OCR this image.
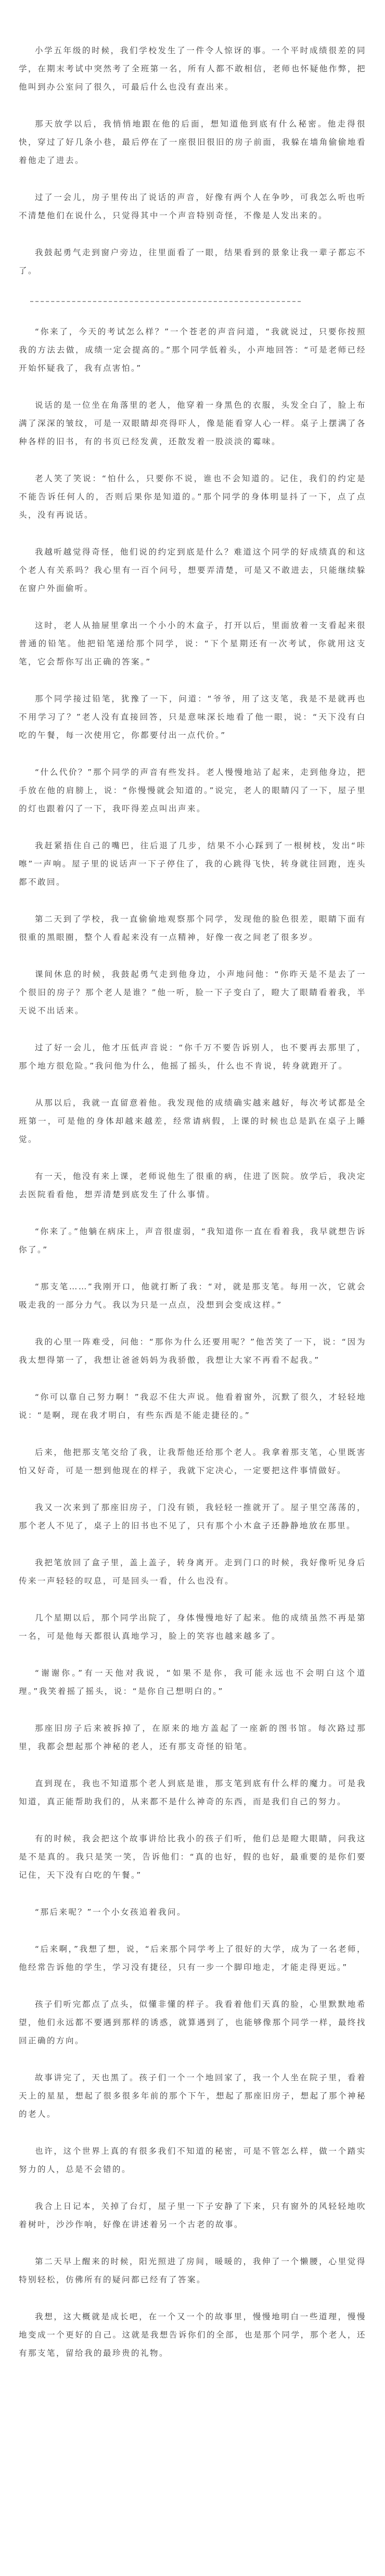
小学五年级的时候，我们学校发生了一件令人惊讶的事。一个平时成绩很差的同学，在期末考试中突然考了全班第一名，所有人都不敢相信，老师也怀疑他作弊，把他叫到办公室问了很久，可最后什么也没有查出来。

那天放学以后，我悄悄地跟在他的后面，想知道他到底有什么秘密。他走得很快，穿过了好几条小巷，最后停在了一座很旧很旧的房子前面，我躲在墙角偷偷地看着他走了进去。

过了一会儿，房子里传出了说话的声音，好像有两个人在争吵，可我怎么听也听不清楚他们在说什么，只觉得其中一个声音特别奇怪，不像是人发出来的。

我鼓起勇气走到窗户旁边，往里面看了一眼，结果看到的景象让我一辈子都忘不了。

“你来了，今天的考试怎么样？”一个苍老的声音问道，“我就说过，只要你按照我的方法去做，成绩一定会提高的。”那个同学低着头，小声地回答：“可是老师已经开始怀疑我了，我有点害怕。”

说话的是一位坐在角落里的老人，他穿着一身黑色的衣服，头发全白了，脸上布满了深深的皱纹，可是一双眼睛却亮得吓人，像是能看穿人心一样。桌子上摆满了各种各样的旧书，有的书页已经发黄，还散发着一股淡淡的霉味。

老人笑了笑说：“怕什么，只要你不说，谁也不会知道的。记住，我们的约定是不能告诉任何人的，否则后果你是知道的。”那个同学的身体明显抖了一下，点了点头，没有再说话。

我越听越觉得奇怪，他们说的约定到底是什么？难道这个同学的好成绩真的和这个老人有关系吗？我心里有一百个问号，想要弄清楚，可是又不敢进去，只能继续躲在窗户外面偷听。

这时，老人从抽屉里拿出一个小小的木盒子，打开以后，里面放着一支看起来很普通的铅笔。他把铅笔递给那个同学，说：“下个星期还有一次考试，你就用这支笔，它会帮你写出正确的答案。”

那个同学接过铅笔，犹豫了一下，问道：“爷爷，用了这支笔，我是不是就再也不用学习了？”老人没有直接回答，只是意味深长地看了他一眼，说：“天下没有白吃的午餐，每一次使用它，你都要付出一点代价。”

“什么代价？”那个同学的声音有些发抖。老人慢慢地站了起来，走到他身边，把手放在他的肩膀上，说：“你慢慢就会知道的。”说完，老人的眼睛闪了一下，屋子里的灯也跟着闪了一下，我吓得差点叫出声来。

我赶紧捂住自己的嘴巴，往后退了几步，结果不小心踩到了一根树枝，发出“咔嚓”一声响。屋子里的说话声一下子停住了，我的心跳得飞快，转身就往回跑，连头都不敢回。

第二天到了学校，我一直偷偷地观察那个同学，发现他的脸色很差，眼睛下面有很重的黑眼圈，整个人看起来没有一点精神，好像一夜之间老了很多岁。

课间休息的时候，我鼓起勇气走到他身边，小声地问他：“你昨天是不是去了一个很旧的房子？那个老人是谁？”他一听，脸一下子变白了，瞪大了眼睛看着我，半天说不出话来。

过了好一会儿，他才压低声音说：“你千万不要告诉别人，也不要再去那里了，那个地方很危险。”我问他为什么，他摇了摇头，什么也不肯说，转身就跑开了。

从那以后，我就一直留意着他。我发现他的成绩确实越来越好，每次考试都是全班第一，可是他的身体却越来越差，经常请病假，上课的时候也总是趴在桌子上睡觉。

有一天，他没有来上课，老师说他生了很重的病，住进了医院。放学后，我决定去医院看看他，想弄清楚到底发生了什么事情。

“你来了。”他躺在病床上，声音很虚弱，“我知道你一直在看着我，我早就想告诉你了。”

“那支笔……”我刚开口，他就打断了我：“对，就是那支笔。每用一次，它就会吸走我的一部分力气。我以为只是一点点，没想到会变成这样。”

我的心里一阵难受，问他：“那你为什么还要用呢？”他苦笑了一下，说：“因为我太想得第一了，我想让爸爸妈妈为我骄傲，我想让大家不再看不起我。”

“你可以靠自己努力啊！”我忍不住大声说。他看着窗外，沉默了很久，才轻轻地说：“是啊，现在我才明白，有些东西是不能走捷径的。”

后来，他把那支笔交给了我，让我帮他还给那个老人。我拿着那支笔，心里既害怕又好奇，可是一想到他现在的样子，我就下定决心，一定要把这件事情做好。

我又一次来到了那座旧房子，门没有锁，我轻轻一推就开了。屋子里空荡荡的，那个老人不见了，桌子上的旧书也不见了，只有那个小木盒子还静静地放在那里。

我把笔放回了盒子里，盖上盖子，转身离开。走到门口的时候，我好像听见身后传来一声轻轻的叹息，可是回头一看，什么也没有。

几个星期以后，那个同学出院了，身体慢慢地好了起来。他的成绩虽然不再是第一名，可是他每天都很认真地学习，脸上的笑容也越来越多了。

“谢谢你。”有一天他对我说，“如果不是你，我可能永远也不会明白这个道理。”我笑着摇了摇头，说：“是你自己想明白的。”

那座旧房子后来被拆掉了，在原来的地方盖起了一座新的图书馆。每次路过那里，我都会想起那个神秘的老人，还有那支奇怪的铅笔。

直到现在，我也不知道那个老人到底是谁，那支笔到底有什么样的魔力。可是我知道，真正能帮助我们的，从来都不是什么神奇的东西，而是我们自己的努力。

有的时候，我会把这个故事讲给比我小的孩子们听，他们总是瞪大眼睛，问我这是不是真的。我只是笑一笑，告诉他们：“真的也好，假的也好，最重要的是你们要记住，天下没有白吃的午餐。”

“那后来呢？”一个小女孩追着我问。

“后来啊，”我想了想，说，“后来那个同学考上了很好的大学，成为了一名老师，他经常告诉他的学生，学习没有捷径，只有一步一个脚印地走，才能走得更远。”

孩子们听完都点了点头，似懂非懂的样子。我看着他们天真的脸，心里默默地希望，他们永远都不要遇到那样的诱惑，就算遇到了，也能够像那个同学一样，最终找回正确的方向。

故事讲完了，天也黑了。孩子们一个一个地回家了，我一个人坐在院子里，看着天上的星星，想起了很多很多年前的那个下午，想起了那座旧房子，想起了那个神秘的老人。

也许，这个世界上真的有很多我们不知道的秘密，可是不管怎么样，做一个踏实努力的人，总是不会错的。

我合上日记本，关掉了台灯，屋子里一下子安静了下来，只有窗外的风轻轻地吹着树叶，沙沙作响，好像在讲述着另一个古老的故事。

第二天早上醒来的时候，阳光照进了房间，暖暖的，我伸了一个懒腰，心里觉得特别轻松，仿佛所有的疑问都已经有了答案。

我想，这大概就是成长吧，在一个又一个的故事里，慢慢地明白一些道理，慢慢地变成一个更好的自己。这就是我想告诉你们的全部，也是那个同学，那个老人，还有那支笔，留给我的最珍贵的礼物。
